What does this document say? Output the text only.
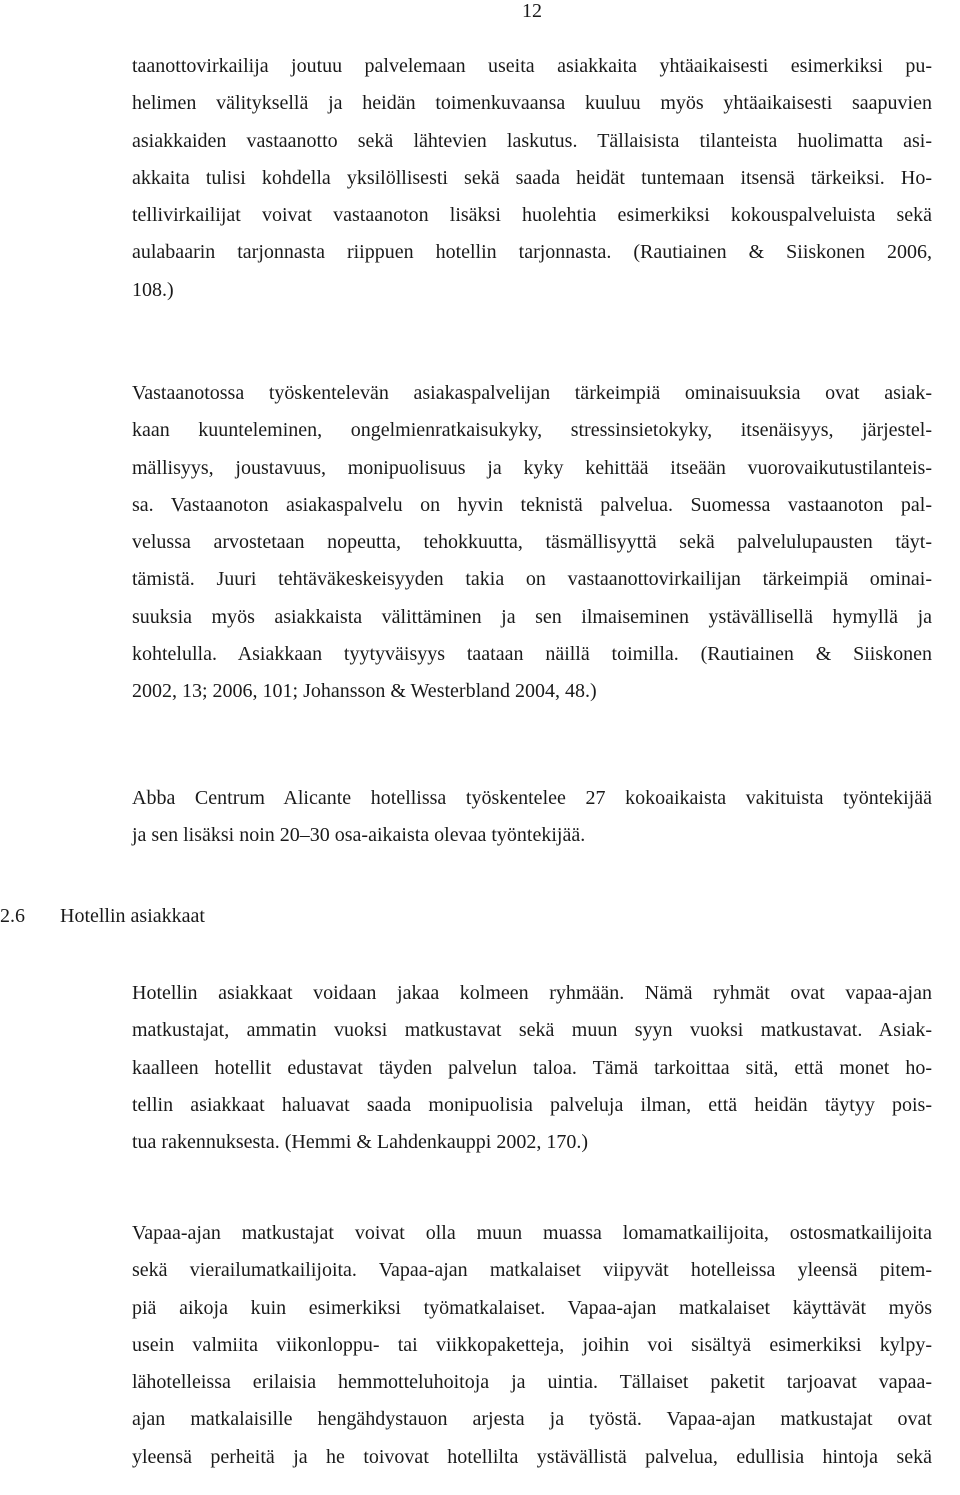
12
taanottovirkailija joutuu palvelemaan useita asiakkaita yhtäaikaisesti esimerkiksi pu-
helimen välityksellä ja heidän toimenkuvaansa kuuluu myös yhtäaikaisesti saapuvien
asiakkaiden vastaanotto sekä lähtevien laskutus. Tällaisista tilanteista huolimatta asi-
akkaita tulisi kohdella yksilöllisesti sekä saada heidät tuntemaan itsensä tärkeiksi. Ho-
tellivirkailijat voivat vastaanoton lisäksi huolehtia esimerkiksi kokouspalveluista sekä
aulabaarin tarjonnasta riippuen hotellin tarjonnasta. (Rautiainen & Siiskonen 2006,
108.)
Vastaanotossa työskentelevän asiakaspalvelijan tärkeimpiä ominaisuuksia ovat asiak-
kaan kuunteleminen, ongelmienratkaisukyky, stressinsietokyky, itsenäisyys, järjestel-
mällisyys, joustavuus, monipuolisuus ja kyky kehittää itseään vuorovaikutustilanteis-
sa. Vastaanoton asiakaspalvelu on hyvin teknistä palvelua. Suomessa vastaanoton pal-
velussa arvostetaan nopeutta, tehokkuutta, täsmällisyyttä sekä palvelulupausten täyt-
tämistä. Juuri tehtäväkeskeisyyden takia on vastaanottovirkailijan tärkeimpiä ominai-
suuksia myös asiakkaista välittäminen ja sen ilmaiseminen ystävällisellä hymyllä ja
kohtelulla. Asiakkaan tyytyväisyys taataan näillä toimilla. (Rautiainen & Siiskonen
2002, 13; 2006, 101; Johansson & Westerbland 2004, 48.)
Abba Centrum Alicante hotellissa työskentelee 27 kokoaikaista vakituista työntekijää
ja sen lisäksi noin 20–30 osa-aikaista olevaa työntekijää.
2.6 Hotellin asiakkaat
Hotellin asiakkaat voidaan jakaa kolmeen ryhmään. Nämä ryhmät ovat vapaa-ajan
matkustajat, ammatin vuoksi matkustavat sekä muun syyn vuoksi matkustavat. Asiak-
kaalleen hotellit edustavat täyden palvelun taloa. Tämä tarkoittaa sitä, että monet ho-
tellin asiakkaat haluavat saada monipuolisia palveluja ilman, että heidän täytyy pois-
tua rakennuksesta. (Hemmi & Lahdenkauppi 2002, 170.)
Vapaa-ajan matkustajat voivat olla muun muassa lomamatkailijoita, ostosmatkailijoita
sekä vierailumatkailijoita. Vapaa-ajan matkalaiset viipyvät hotelleissa yleensä pitem-
piä aikoja kuin esimerkiksi työmatkalaiset. Vapaa-ajan matkalaiset käyttävät myös
usein valmiita viikonloppu- tai viikkopaketteja, joihin voi sisältyä esimerkiksi kylpy-
lähotelleissa erilaisia hemmotteluhoitoja ja uintia. Tällaiset paketit tarjoavat vapaa-
ajan matkalaisille hengähdystauon arjesta ja työstä. Vapaa-ajan matkustajat ovat
yleensä perheitä ja he toivovat hotellilta ystävällistä palvelua, edullisia hintoja sekä
